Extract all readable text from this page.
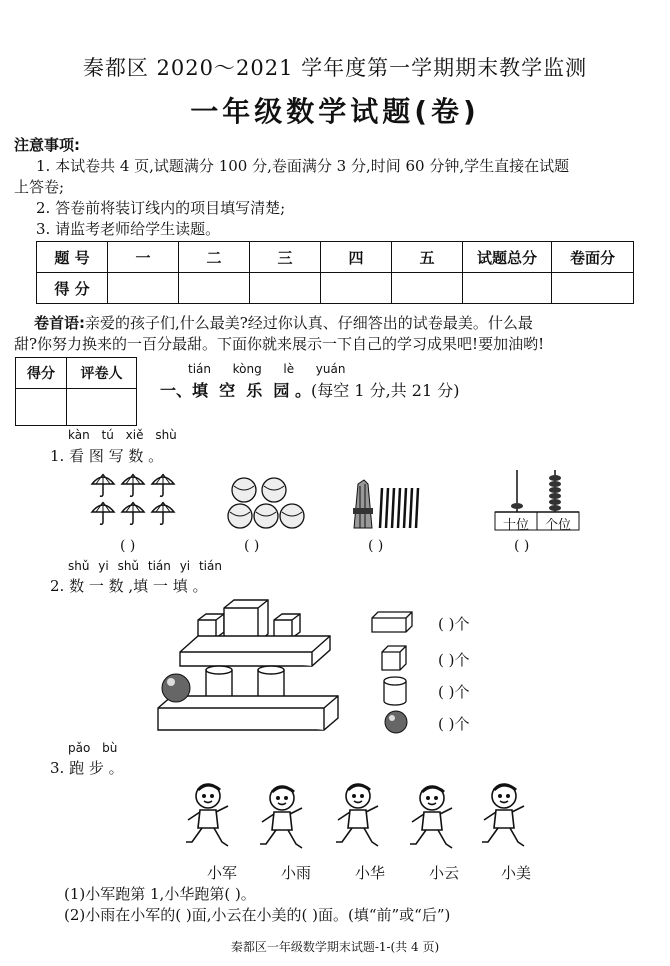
秦都区 2020～2021 学年度第一学期期末教学监测
一年级数学试题(卷)
注意事项:
1. 本试卷共 4 页,试题满分 100 分,卷面满分 3 分,时间 60 分钟,学生直接在试题
上答卷;
2. 答卷前将装订线内的项目填写清楚;
3. 请监考老师给学生读题。
题 号	一	二	三	四	五	试题总分	卷面分
得 分							
卷首语:亲爱的孩子们,什么最美?经过你认真、仔细答出的试卷最美。什么最
甜?你努力换来的一百分最甜。下面你就来展示一下自己的学习成果吧!要加油哟!
得分	评卷人
		tián kòng lè yuán
一、填  空  乐  园 。(每空 1 分,共 21 分)
kàn tú xiě shù
1. 看 图 写 数 。
十位	个位
( )	( )	( )	( )
shǔ yi shǔ tián yi tián
2. 数 一 数 ,填 一 填 。
( )个
( )个
( )个
( )个
pǎo bù
3. 跑 步 。
小军	小雨	小华	小云	小美
(1)小军跑第 1,小华跑第( )。
(2)小雨在小军的( )面,小云在小美的( )面。(填“前”或“后”)
秦都区一年级数学期末试题-1-(共 4 页)
